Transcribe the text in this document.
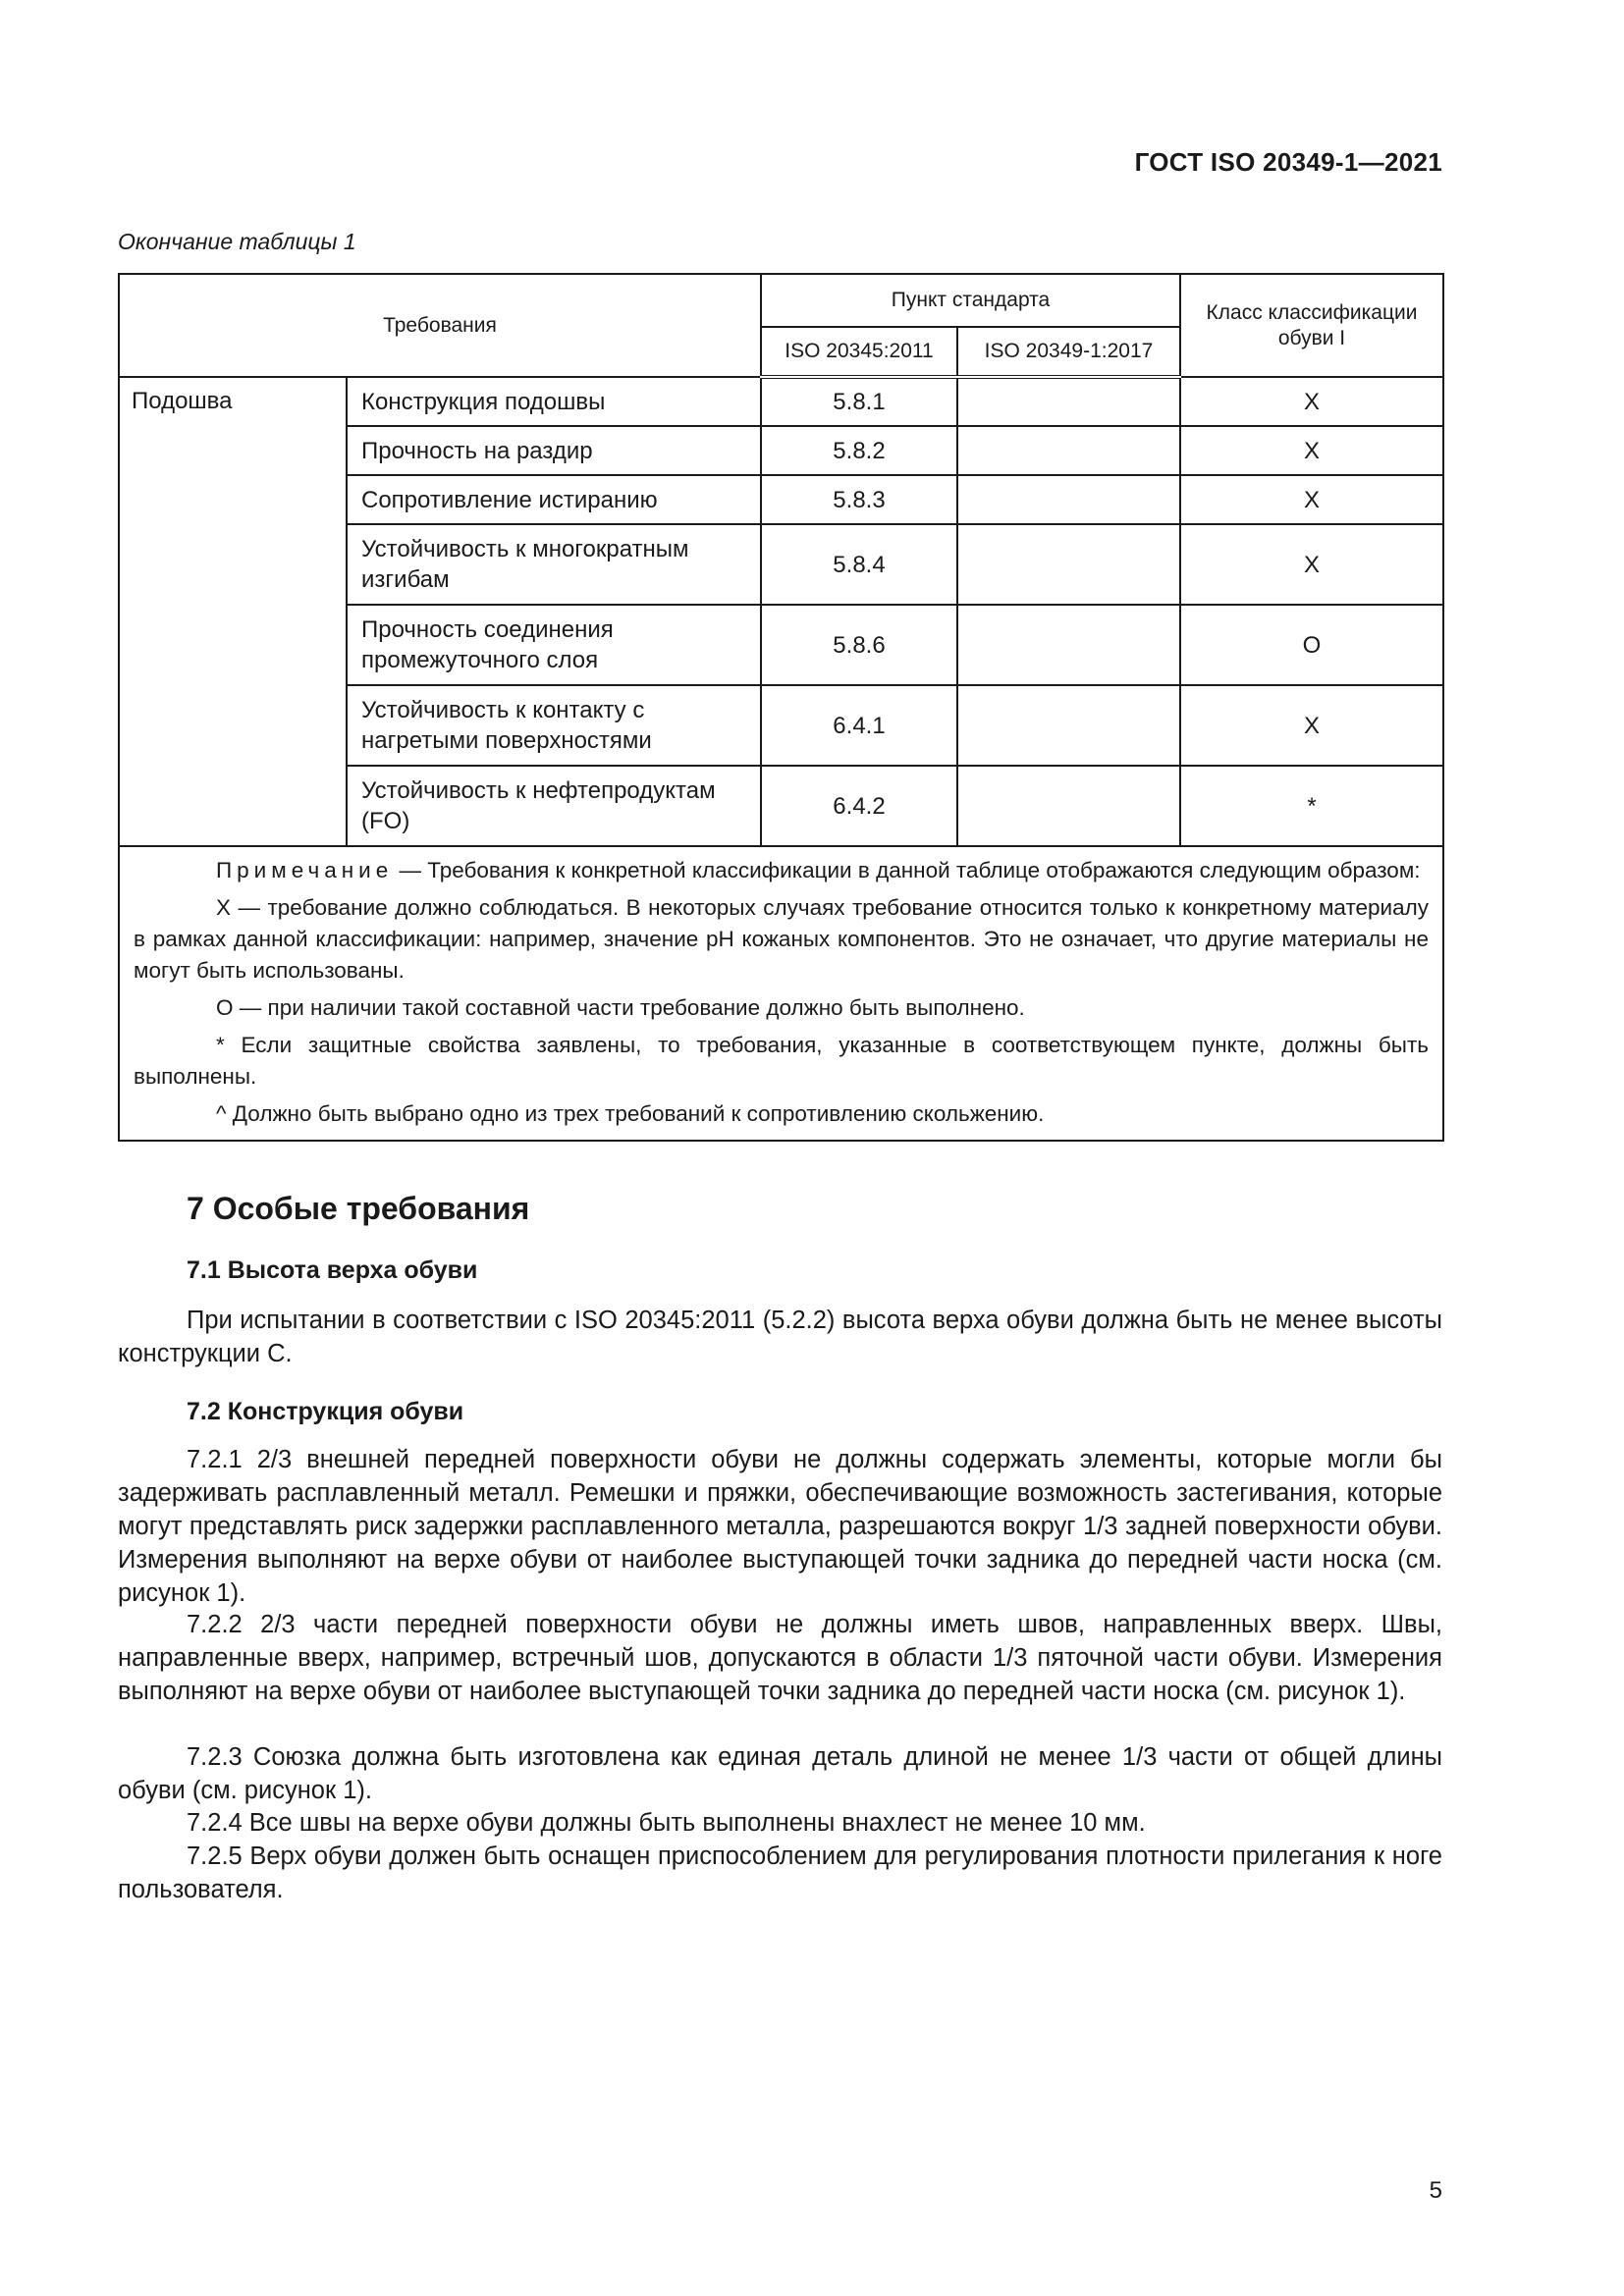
ГОСТ ISO 20349-1—2021
Окончание таблицы 1
Требования		Пункт стандарта		Класс классификации обуви I
		ISO 20345:2011	ISO 20349-1:2017	
Подошва	Конструкция подошвы	5.8.1		X
	Прочность на раздир	5.8.2		X
	Сопротивление истиранию	5.8.3		X
	Устойчивость к многократным изгибам	5.8.4		X
	Прочность соединения промежуточного слоя	5.8.6		O
	Устойчивость к контакту с нагретыми поверхностями	6.4.1		X
	Устойчивость к нефтепродуктам (FO)	6.4.2		*

Примечание — Требования к конкретной классификации в данной таблице отображаются следующим образом:

X — требование должно соблюдаться. В некоторых случаях требование относится только к конкретному материалу в рамках данной классификации: например, значение pH кожаных компонентов. Это не означает, что другие материалы не могут быть использованы.

O — при наличии такой составной части требование должно быть выполнено.

* Если защитные свойства заявлены, то требования, указанные в соответствующем пункте, должны быть выполнены.

^ Должно быть выбрано одно из трех требований к сопротивлению скольжению.				

7 Особые требования
7.1 Высота верха обуви

При испытании в соответствии с ISO 20345:2011 (5.2.2) высота верха обуви должна быть не менее высоты конструкции С.

7.2 Конструкция обуви

7.2.1 2/3 внешней передней поверхности обуви не должны содержать элементы, которые могли бы задерживать расплавленный металл. Ремешки и пряжки, обеспечивающие возможность застегивания, которые могут представлять риск задержки расплавленного металла, разрешаются вокруг 1/3 задней поверхности обуви. Измерения выполняют на верхе обуви от наиболее выступающей точки задника до передней части носка (см. рисунок 1).

7.2.2 2/3 части передней поверхности обуви не должны иметь швов, направленных вверх. Швы, направленные вверх, например, встречный шов, допускаются в области 1/3 пяточной части обуви. Измерения выполняют на верхе обуви от наиболее выступающей точки задника до передней части носка (см. рисунок 1).

7.2.3 Союзка должна быть изготовлена как единая деталь длиной не менее 1/3 части от общей длины обуви (см. рисунок 1).

7.2.4 Все швы на верхе обуви должны быть выполнены внахлест не менее 10 мм.

7.2.5 Верх обуви должен быть оснащен приспособлением для регулирования плотности прилегания к ноге пользователя.

5
